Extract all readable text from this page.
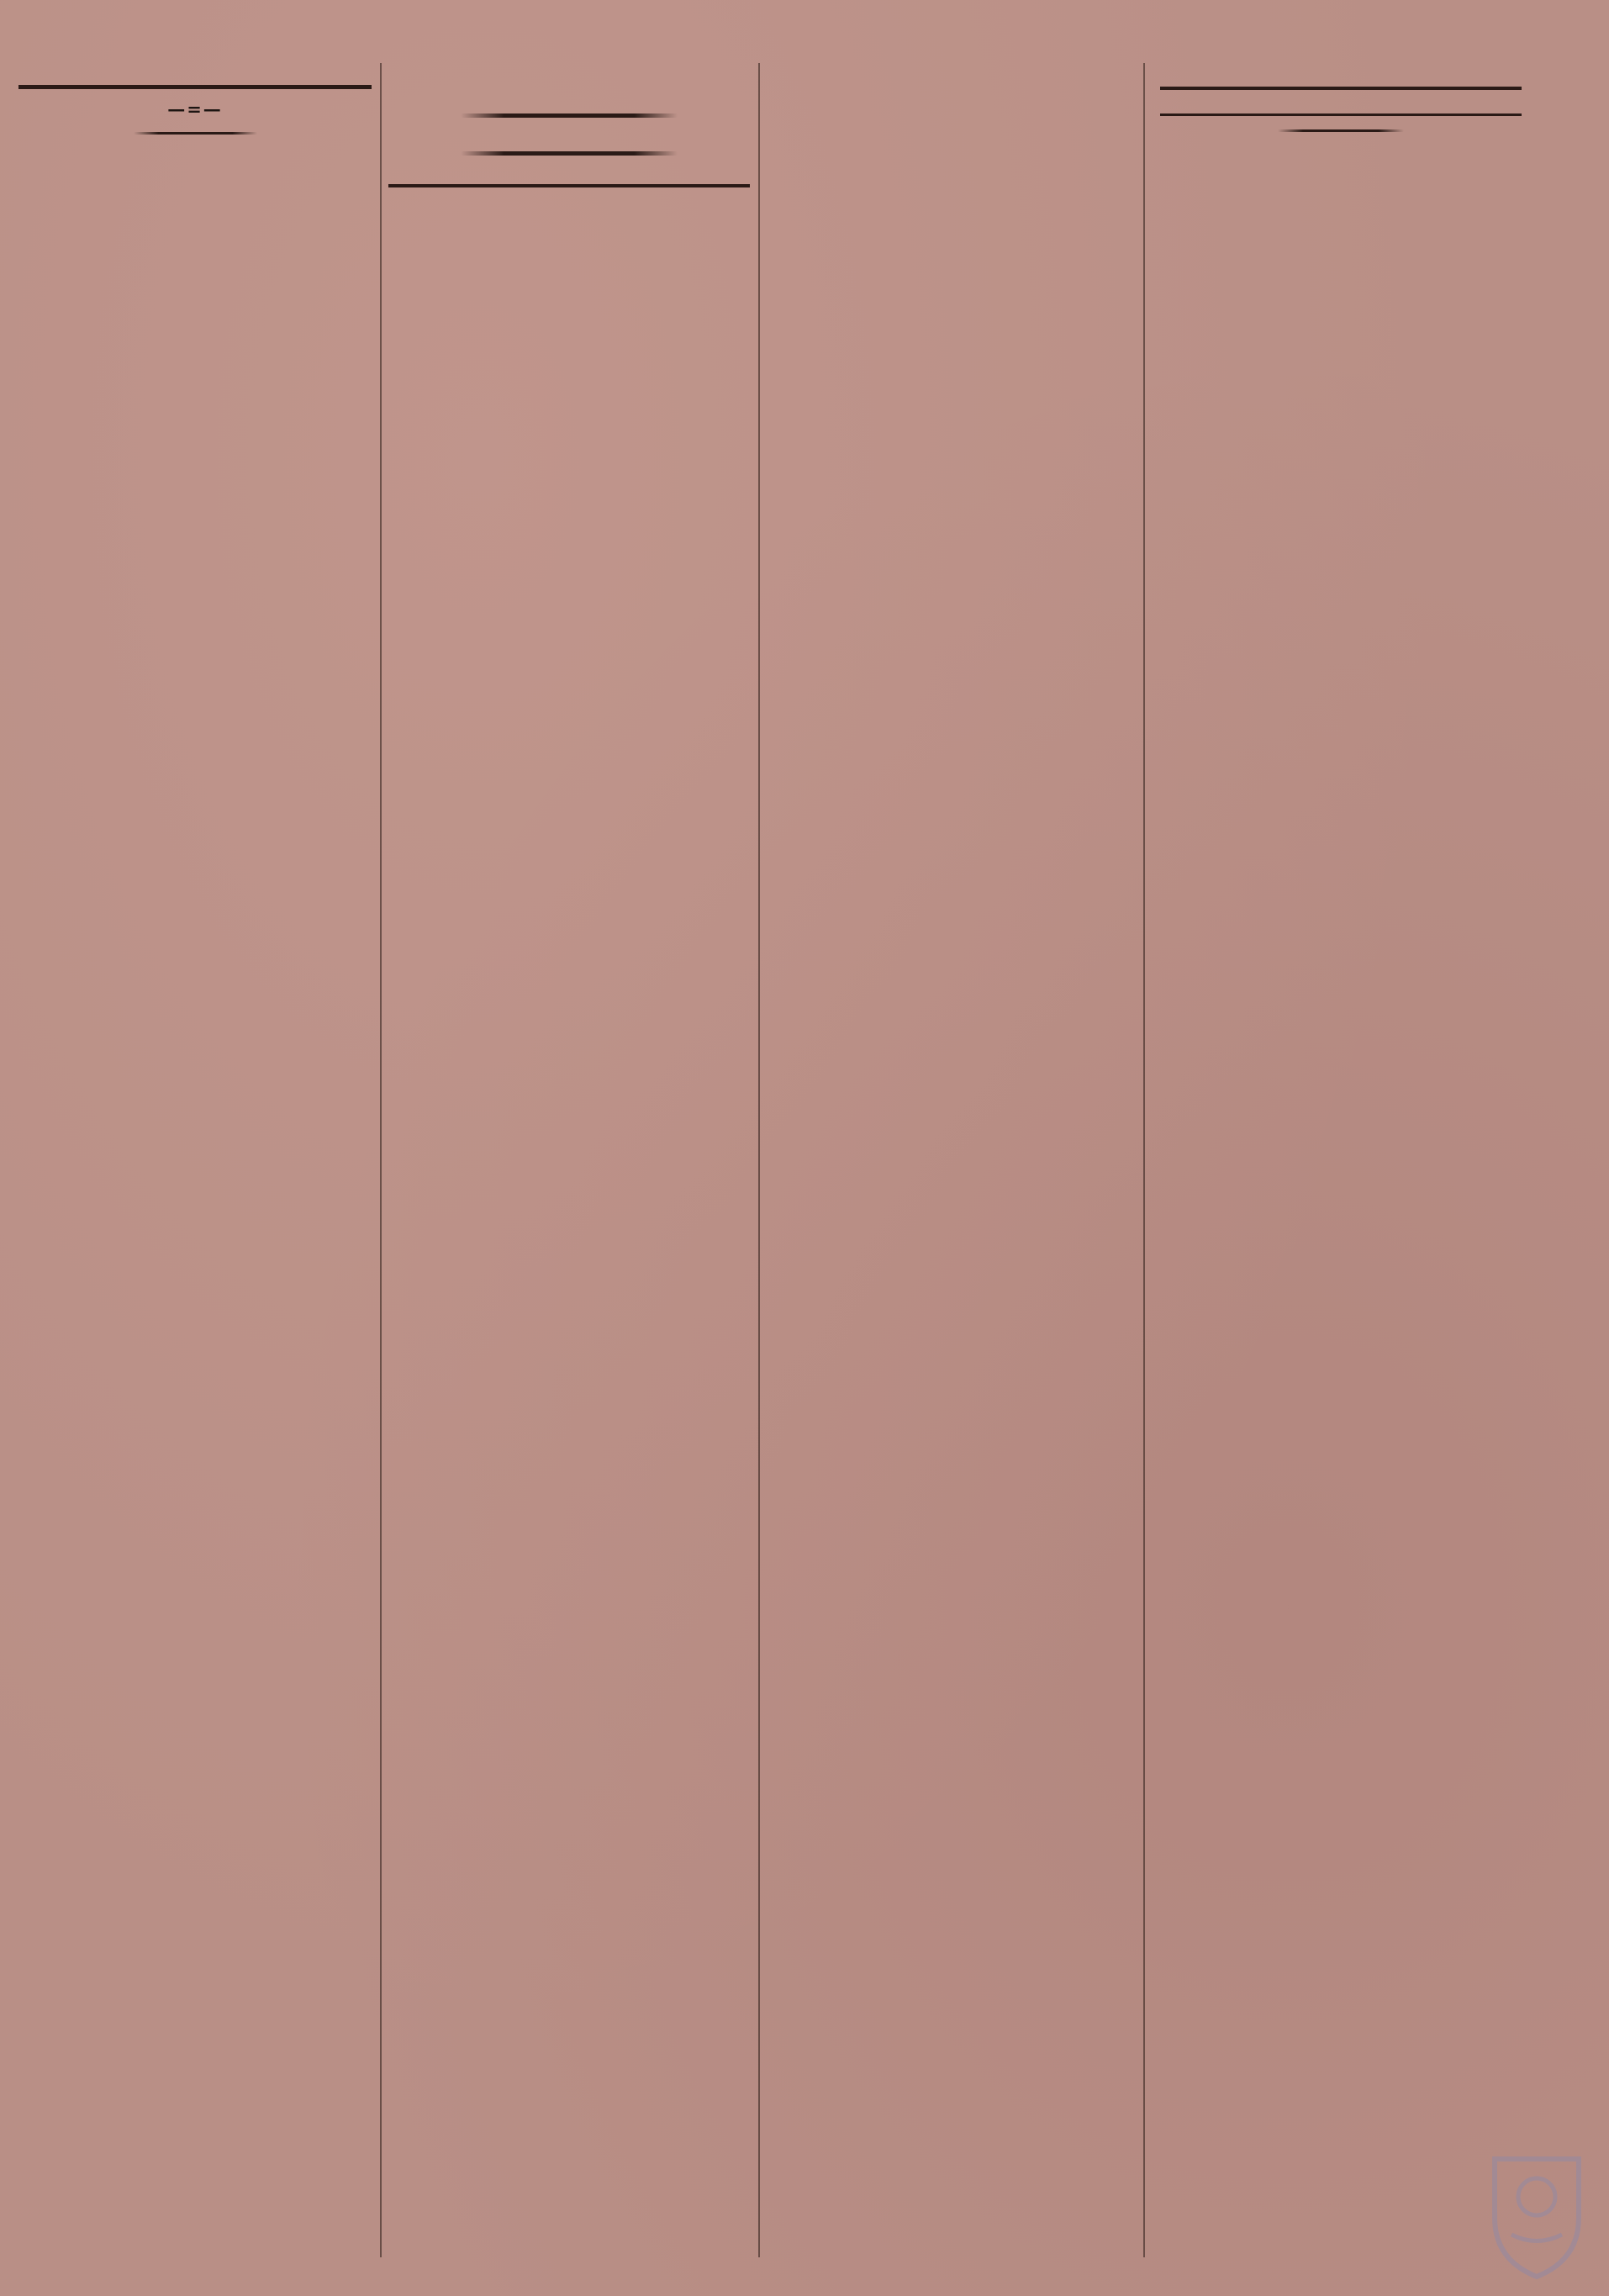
—=—
